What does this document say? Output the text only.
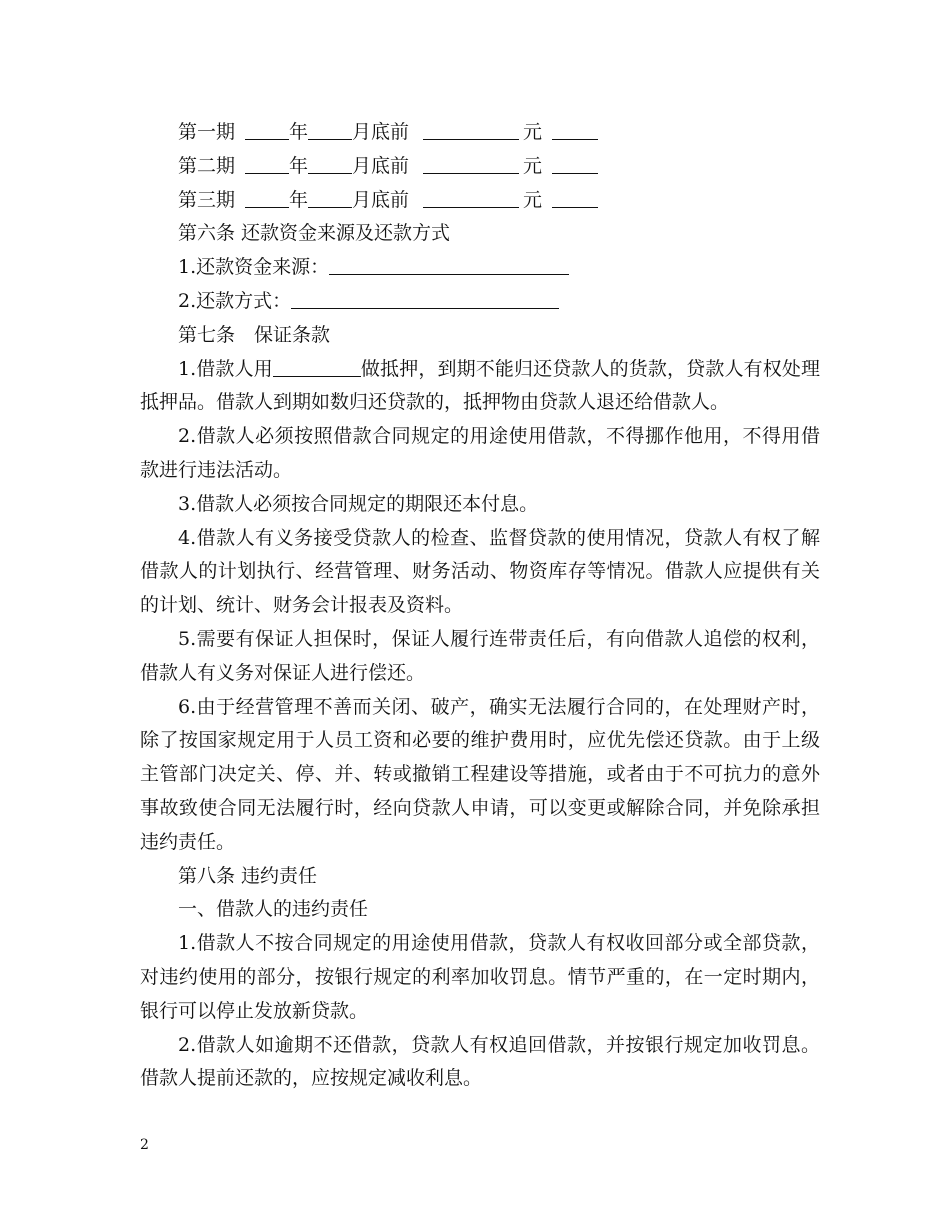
第一期	年 月底前	元
第二期	年 月底前	元
第三期	年 月底前	元
第六条 还款资金来源及还款方式
1.还款资金来源：
2.还款方式：
第七条　保证条款
1.借款人用	做抵押，到期不能归还贷款人的货款，贷款人有权处理抵押品。借款人到期如数归还贷款的，抵押物由贷款人退还给借款人。
2.借款人必须按照借款合同规定的用途使用借款，不得挪作他用，不得用借款进行违法活动。
3.借款人必须按合同规定的期限还本付息。
4.借款人有义务接受贷款人的检查、监督贷款的使用情况，贷款人有权了解借款人的计划执行、经营管理、财务活动、物资库存等情况。借款人应提供有关的计划、统计、财务会计报表及资料。
5.需要有保证人担保时，保证人履行连带责任后，有向借款人追偿的权利，借款人有义务对保证人进行偿还。
6.由于经营管理不善而关闭、破产，确实无法履行合同的，在处理财产时，除了按国家规定用于人员工资和必要的维护费用时，应优先偿还贷款。由于上级主管部门决定关、停、并、转或撤销工程建设等措施，或者由于不可抗力的意外事故致使合同无法履行时，经向贷款人申请，可以变更或解除合同，并免除承担违约责任。
第八条 违约责任
一、借款人的违约责任
1.借款人不按合同规定的用途使用借款，贷款人有权收回部分或全部贷款，对违约使用的部分，按银行规定的利率加收罚息。情节严重的，在一定时期内，银行可以停止发放新贷款。
2.借款人如逾期不还借款，贷款人有权追回借款，并按银行规定加收罚息。借款人提前还款的，应按规定减收利息。
2
